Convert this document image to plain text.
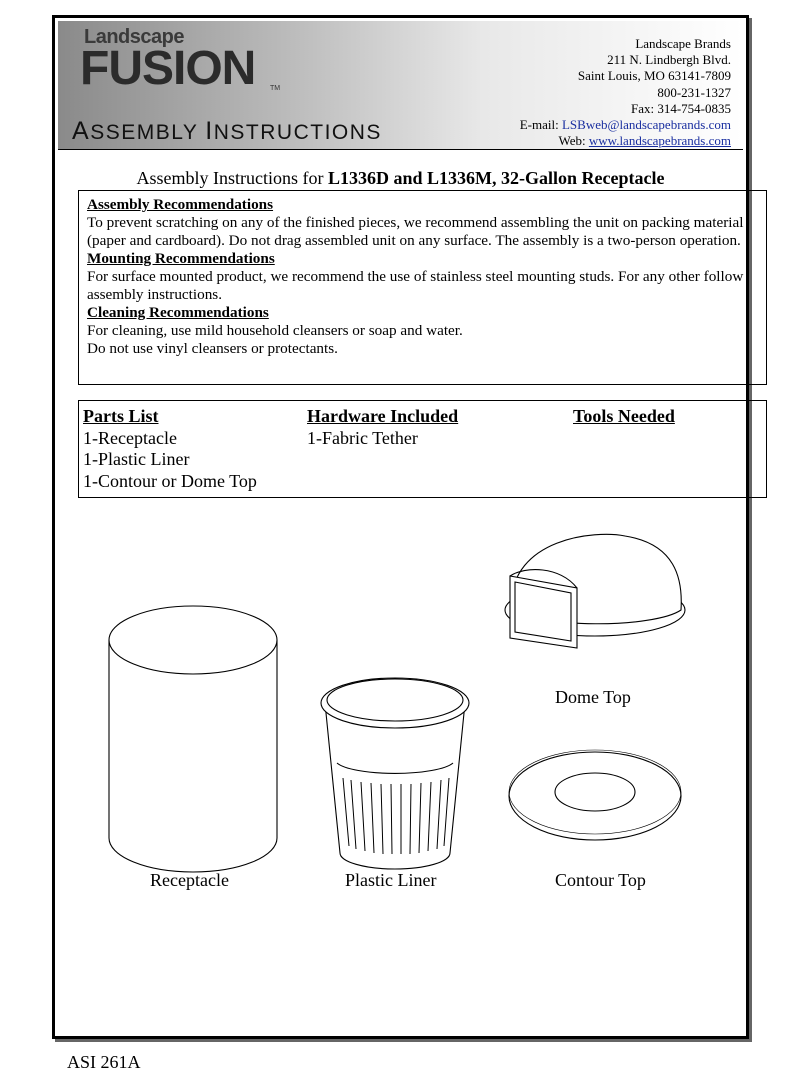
Landscape
FUSION TM
ASSEMBLY INSTRUCTIONS
Landscape Brands
211 N. Lindbergh Blvd.
Saint Louis, MO 63141-7809
800-231-1327
Fax: 314-754-0835
E-mail: LSBweb@landscapebrands.com
Web: www.landscapebrands.com
Assembly Instructions for L1336D and L1336M, 32-Gallon Receptacle
Assembly Recommendations

To prevent scratching on any of the finished pieces, we recommend assembling the unit on packing material (paper and cardboard). Do not drag assembled unit on any surface. The assembly is a two-person operation.

Mounting Recommendations

For surface mounted product, we recommend the use of stainless steel mounting studs. For any other follow assembly instructions.

Cleaning Recommendations

For cleaning, use mild household cleansers or soap and water.

Do not use vinyl cleansers or protectants.

Parts List
1-Receptacle
1-Plastic Liner
1-Contour or Dome Top
Hardware Included
1-Fabric Tether
Tools Needed
Receptacle	Plastic Liner
Dome Top
Contour Top
ASI 261A
